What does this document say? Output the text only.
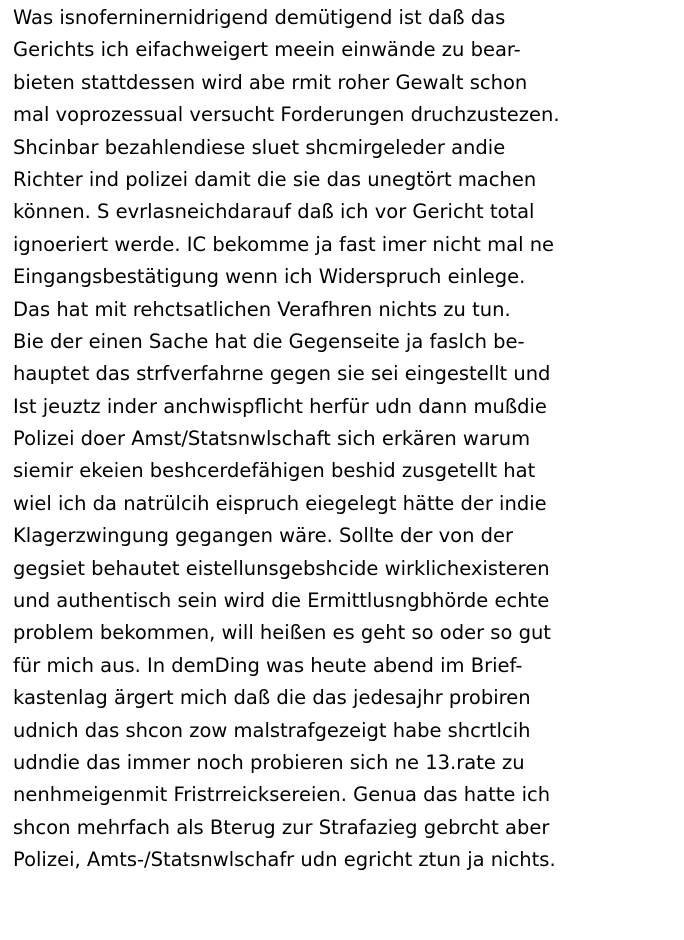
Was isnoferninernidrigend demütigend ist daß das
Gerichts ich eifachweigert meein einwände zu bear-
bieten stattdessen wird abe rmit roher Gewalt schon
mal voprozessual versucht Forderungen druchzustezen.
Shcinbar bezahlendiese sluet shcmirgeleder andie
Richter ind polizei damit die sie das unegtört machen
können. S evrlasneichdarauf daß ich vor Gericht total
ignoeriert werde. IC bekomme ja fast imer nicht mal ne
Eingangsbestätigung wenn ich Widerspruch einlege.
Das hat mit rehctsatlichen Verafhren nichts zu tun.
Bie der einen Sache hat die Gegenseite ja faslch be-
hauptet das strfverfahrne gegen sie sei eingestellt und
Ist jeuztz inder anchwispflicht herfür udn dann mußdie
Polizei doer Amst/Statsnwlschaft sich erkären warum
siemir ekeien beshcerdefähigen beshid zusgetellt hat
wiel ich da natrülcih eispruch eiegelegt hätte der indie
Klagerzwingung gegangen wäre. Sollte der von der
gegsiet behautet eistellunsgebshcide wirklichexisteren
und authentisch sein wird die Ermittlusngbhörde echte
problem bekommen, will heißen es geht so oder so gut
für mich aus. In demDing was heute abend im Brief-
kastenlag ärgert mich daß die das jedesajhr probiren
udnich das shcon zow malstrafgezeigt habe shcrtlcih
udndie das immer noch probieren sich ne 13.rate zu
nenhmeigenmit Fristrreicksereien. Genua das hatte ich
shcon mehrfach als Bterug zur Strafazieg gebrcht aber
Polizei, Amts-/Statsnwlschafr udn egricht ztun ja nichts.
